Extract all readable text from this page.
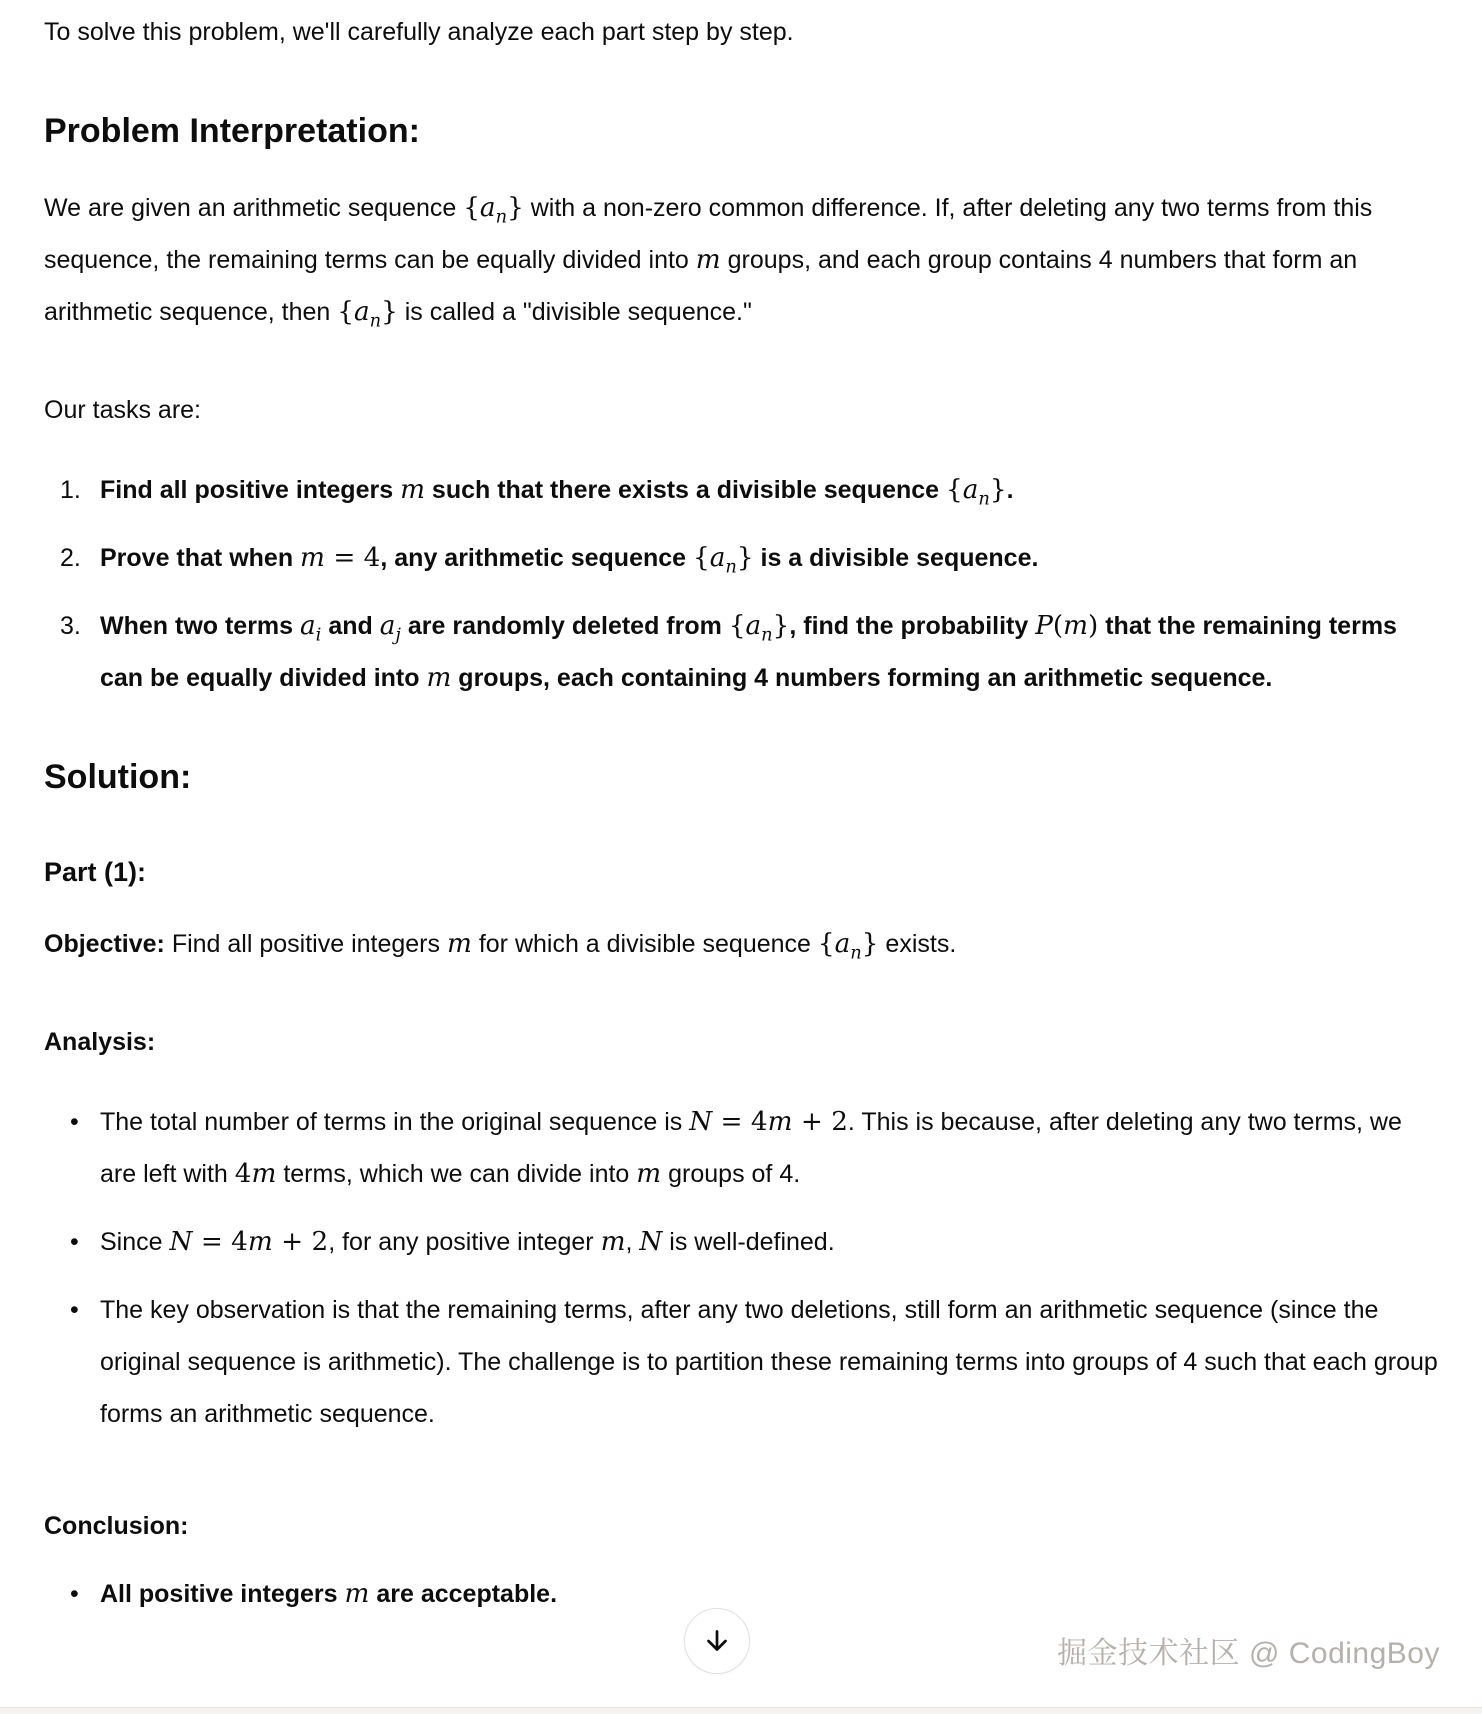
To solve this problem, we'll carefully analyze each part step by step.

Problem Interpretation:

We are given an arithmetic sequence $\{a_n\}$ with a non-zero common difference. If, after deleting any two terms from this sequence, the remaining terms can be equally divided into m groups, and each group contains 4 numbers that form an arithmetic sequence, then $\{a_n\}$ is called a "divisible sequence."

Our tasks are:

1. Find all positive integers m such that there exists a divisible sequence $\{a_n\}$.
2. Prove that when m = 4, any arithmetic sequence $\{a_n\}$ is a divisible sequence.
3. When two terms $a_i$ and $a_j$ are randomly deleted from $\{a_n\}$, find the probability P(m) that the remaining terms can be equally divided into m groups, each containing 4 numbers forming an arithmetic sequence.
Solution:
Part (1):

Objective: Find all positive integers m for which a divisible sequence $\{a_n\}$ exists.

Analysis:

• The total number of terms in the original sequence is N = 4m + 2. This is because, after deleting any two terms, we are left with 4m terms, which we can divide into m groups of 4.
• Since N = 4m + 2, for any positive integer m, N is well-defined.
• The key observation is that the remaining terms, after any two deletions, still form an arithmetic sequence (since the original sequence is arithmetic). The challenge is to partition these remaining terms into groups of 4 such that each group forms an arithmetic sequence.

Conclusion:

• All positive integers m are acceptable.
掘金技术社区 @ CodingBoy
